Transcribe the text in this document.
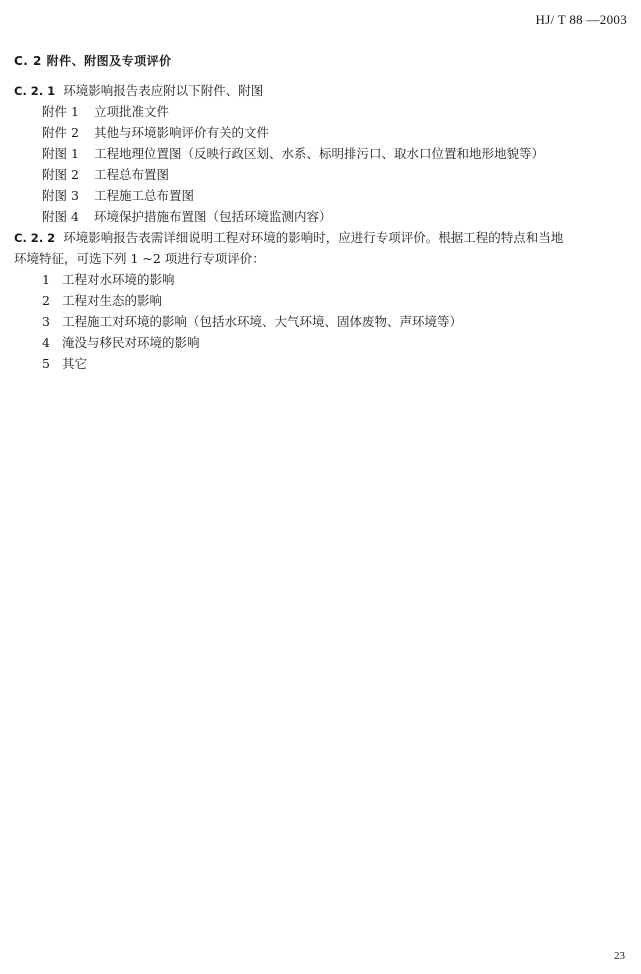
HJ/ T 88 —2003
C. 2 附件、附图及专项评价
C. 2. 1 环境影响报告表应附以下附件、附图
附件 1 立项批准文件
附件 2 其他与环境影响评价有关的文件
附图 1 工程地理位置图（反映行政区划、水系、标明排污口、取水口位置和地形地貌等）
附图 2 工程总布置图
附图 3 工程施工总布置图
附图 4 环境保护措施布置图（包括环境监测内容）
C. 2. 2 环境影响报告表需详细说明工程对环境的影响时，应进行专项评价。根据工程的特点和当地
环境特征，可选下列 1 ~2 项进行专项评价：
1 工程对水环境的影响
2 工程对生态的影响
3 工程施工对环境的影响（包括水环境、大气环境、固体废物、声环境等）
4 淹没与移民对环境的影响
5 其它
23
